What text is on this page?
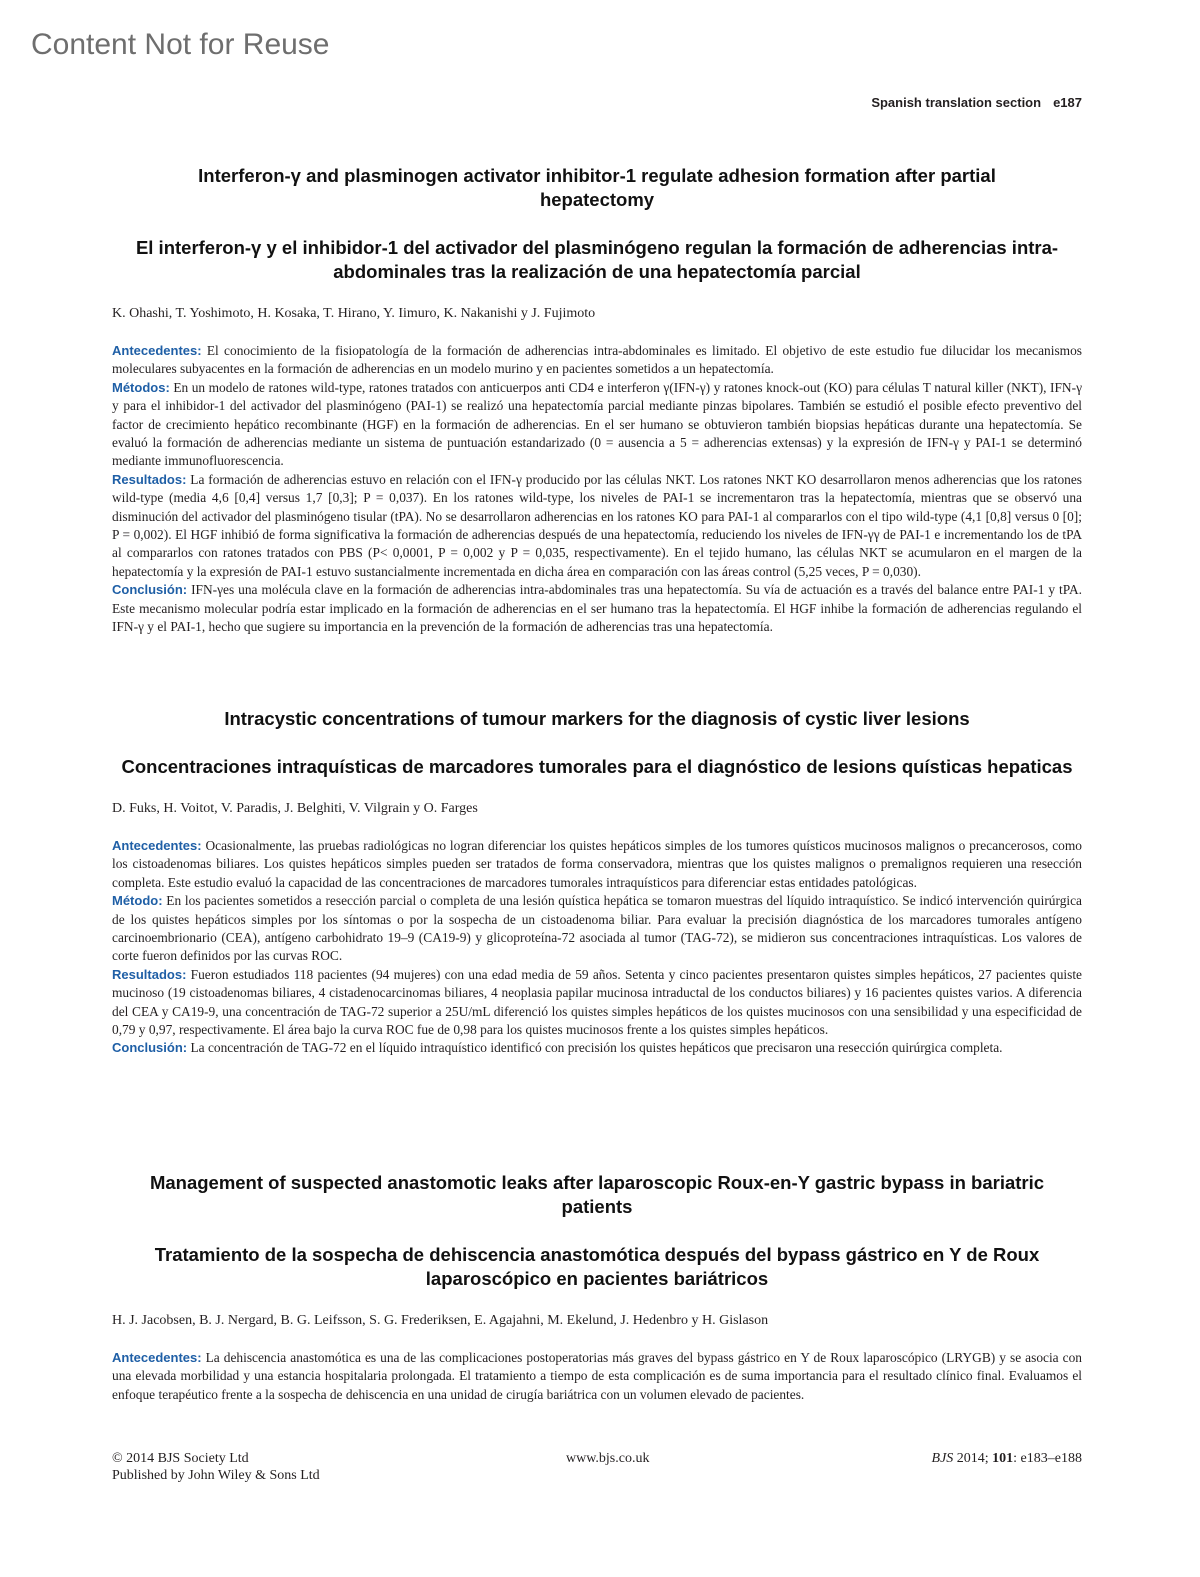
Content Not for Reuse
Spanish translation section e187
Interferon-γ and plasminogen activator inhibitor-1 regulate adhesion formation after partial hepatectomy
El interferon-γ y el inhibidor-1 del activador del plasminógeno regulan la formación de adherencias intra-abdominales tras la realización de una hepatectomía parcial

K. Ohashi, T. Yoshimoto, H. Kosaka, T. Hirano, Y. Iimuro, K. Nakanishi y J. Fujimoto

Antecedentes: El conocimiento de la fisiopatología de la formación de adherencias intra-abdominales es limitado. El objetivo de este estudio fue dilucidar los mecanismos moleculares subyacentes en la formación de adherencias en un modelo murino y en pacientes sometidos a un hepatectomía.

Métodos: En un modelo de ratones wild-type, ratones tratados con anticuerpos anti CD4 e interferon γ(IFN-γ) y ratones knock-out (KO) para células T natural killer (NKT), IFN-γ y para el inhibidor-1 del activador del plasminógeno (PAI-1) se realizó una hepatectomía parcial mediante pinzas bipolares. También se estudió el posible efecto preventivo del factor de crecimiento hepático recombinante (HGF) en la formación de adherencias. En el ser humano se obtuvieron también biopsias hepáticas durante una hepatectomía. Se evaluó la formación de adherencias mediante un sistema de puntuación estandarizado (0 = ausencia a 5 = adherencias extensas) y la expresión de IFN-γ y PAI-1 se determinó mediante immunofluorescencia.

Resultados: La formación de adherencias estuvo en relación con el IFN-γ producido por las células NKT. Los ratones NKT KO desarrollaron menos adherencias que los ratones wild-type (media 4,6 [0,4] versus 1,7 [0,3]; P = 0,037). En los ratones wild-type, los niveles de PAI-1 se incrementaron tras la hepatectomía, mientras que se observó una disminución del activador del plasminógeno tisular (tPA). No se desarrollaron adherencias en los ratones KO para PAI-1 al compararlos con el tipo wild-type (4,1 [0,8] versus 0 [0]; P = 0,002). El HGF inhibió de forma significativa la formación de adherencias después de una hepatectomía, reduciendo los niveles de IFN-γγ de PAI-1 e incrementando los de tPA al compararlos con ratones tratados con PBS (P< 0,0001, P = 0,002 y P = 0,035, respectivamente). En el tejido humano, las células NKT se acumularon en el margen de la hepatectomía y la expresión de PAI-1 estuvo sustancialmente incrementada en dicha área en comparación con las áreas control (5,25 veces, P = 0,030).

Conclusión: IFN-γes una molécula clave en la formación de adherencias intra-abdominales tras una hepatectomía. Su vía de actuación es a través del balance entre PAI-1 y tPA. Este mecanismo molecular podría estar implicado en la formación de adherencias en el ser humano tras la hepatectomía. El HGF inhibe la formación de adherencias regulando el IFN-γ y el PAI-1, hecho que sugiere su importancia en la prevención de la formación de adherencias tras una hepatectomía.

Intracystic concentrations of tumour markers for the diagnosis of cystic liver lesions
Concentraciones intraquísticas de marcadores tumorales para el diagnóstico de lesions quísticas hepaticas

D. Fuks, H. Voitot, V. Paradis, J. Belghiti, V. Vilgrain y O. Farges

Antecedentes: Ocasionalmente, las pruebas radiológicas no logran diferenciar los quistes hepáticos simples de los tumores quísticos mucinosos malignos o precancerosos, como los cistoadenomas biliares. Los quistes hepáticos simples pueden ser tratados de forma conservadora, mientras que los quistes malignos o premalignos requieren una resección completa. Este estudio evaluó la capacidad de las concentraciones de marcadores tumorales intraquísticos para diferenciar estas entidades patológicas.

Método: En los pacientes sometidos a resección parcial o completa de una lesión quística hepática se tomaron muestras del líquido intraquístico. Se indicó intervención quirúrgica de los quistes hepáticos simples por los síntomas o por la sospecha de un cistoadenoma biliar. Para evaluar la precisión diagnóstica de los marcadores tumorales antígeno carcinoembrionario (CEA), antígeno carbohidrato 19–9 (CA19-9) y glicoproteína-72 asociada al tumor (TAG-72), se midieron sus concentraciones intraquísticas. Los valores de corte fueron definidos por las curvas ROC.

Resultados: Fueron estudiados 118 pacientes (94 mujeres) con una edad media de 59 años. Setenta y cinco pacientes presentaron quistes simples hepáticos, 27 pacientes quiste mucinoso (19 cistoadenomas biliares, 4 cistadenocarcinomas biliares, 4 neoplasia papilar mucinosa intraductal de los conductos biliares) y 16 pacientes quistes varios. A diferencia del CEA y CA19-9, una concentración de TAG-72 superior a 25U/mL diferenció los quistes simples hepáticos de los quistes mucinosos con una sensibilidad y una especificidad de 0,79 y 0,97, respectivamente. El área bajo la curva ROC fue de 0,98 para los quistes mucinosos frente a los quistes simples hepáticos.

Conclusión: La concentración de TAG-72 en el líquido intraquístico identificó con precisión los quistes hepáticos que precisaron una resección quirúrgica completa.

Management of suspected anastomotic leaks after laparoscopic Roux-en-Y gastric bypass in bariatric patients
Tratamiento de la sospecha de dehiscencia anastomótica después del bypass gástrico en Y de Roux laparoscópico en pacientes bariátricos

H. J. Jacobsen, B. J. Nergard, B. G. Leifsson, S. G. Frederiksen, E. Agajahni, M. Ekelund, J. Hedenbro y H. Gislason

Antecedentes: La dehiscencia anastomótica es una de las complicaciones postoperatorias más graves del bypass gástrico en Y de Roux laparoscópico (LRYGB) y se asocia con una elevada morbilidad y una estancia hospitalaria prolongada. El tratamiento a tiempo de esta complicación es de suma importancia para el resultado clínico final. Evaluamos el enfoque terapéutico frente a la sospecha de dehiscencia en una unidad de cirugía bariátrica con un volumen elevado de pacientes.

© 2014 BJS Society Ltd
Published by John Wiley & Sons Ltd
www.bjs.co.uk	BJS 2014; 101: e183–e188
